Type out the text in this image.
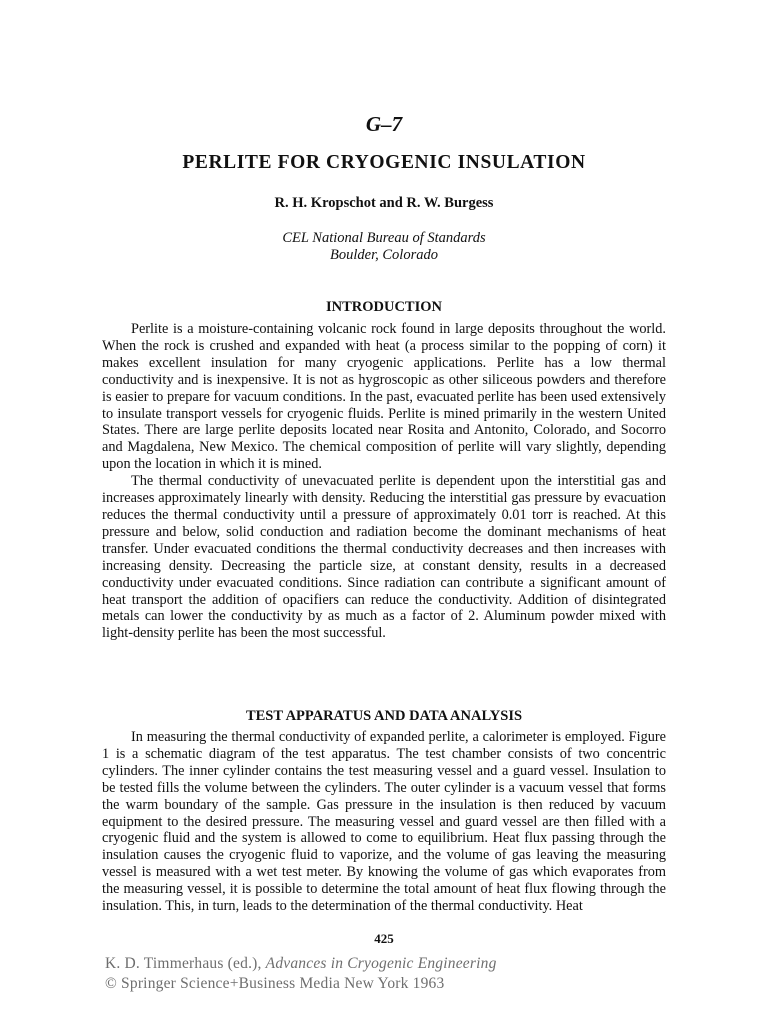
G–7
PERLITE FOR CRYOGENIC INSULATION
R. H. Kropschot and R. W. Burgess
CEL National Bureau of Standards
Boulder, Colorado
INTRODUCTION

Perlite is a moisture-containing volcanic rock found in large deposits throughout the world. When the rock is crushed and expanded with heat (a process similar to the popping of corn) it makes excellent insulation for many cryogenic applications. Perlite has a low thermal conductivity and is inexpensive. It is not as hygroscopic as other siliceous powders and therefore is easier to prepare for vacuum conditions. In the past, evacuated perlite has been used extensively to insulate transport vessels for cryogenic fluids. Perlite is mined primarily in the western United States. There are large perlite deposits located near Rosita and Antonito, Colorado, and Socorro and Magdalena, New Mexico. The chemical composition of perlite will vary slightly, depending upon the location in which it is mined.

The thermal conductivity of unevacuated perlite is dependent upon the interstitial gas and increases approximately linearly with density. Reducing the interstitial gas pressure by evacuation reduces the thermal conductivity until a pressure of approximately 0.01 torr is reached. At this pressure and below, solid conduction and radiation become the dominant mechanisms of heat transfer. Under evacuated conditions the thermal conductivity decreases and then increases with increasing density. Decreasing the particle size, at constant density, results in a decreased conductivity under evacuated conditions. Since radiation can contribute a significant amount of heat transport the addition of opacifiers can reduce the conductivity. Addition of disintegrated metals can lower the conductivity by as much as a factor of 2. Aluminum powder mixed with light-density perlite has been the most successful.

TEST APPARATUS AND DATA ANALYSIS

In measuring the thermal conductivity of expanded perlite, a calorimeter is employed. Figure 1 is a schematic diagram of the test apparatus. The test chamber consists of two concentric cylinders. The inner cylinder contains the test measuring vessel and a guard vessel. Insulation to be tested fills the volume between the cylinders. The outer cylinder is a vacuum vessel that forms the warm boundary of the sample. Gas pressure in the insulation is then reduced by vacuum equipment to the desired pressure. The measuring vessel and guard vessel are then filled with a cryogenic fluid and the system is allowed to come to equilibrium. Heat flux passing through the insulation causes the cryogenic fluid to vaporize, and the volume of gas leaving the measuring vessel is measured with a wet test meter. By knowing the volume of gas which evaporates from the measuring vessel, it is possible to determine the total amount of heat flux flowing through the insulation. This, in turn, leads to the determination of the thermal conductivity. Heat

425
K. D. Timmerhaus (ed.), Advances in Cryogenic Engineering
© Springer Science+Business Media New York 1963
